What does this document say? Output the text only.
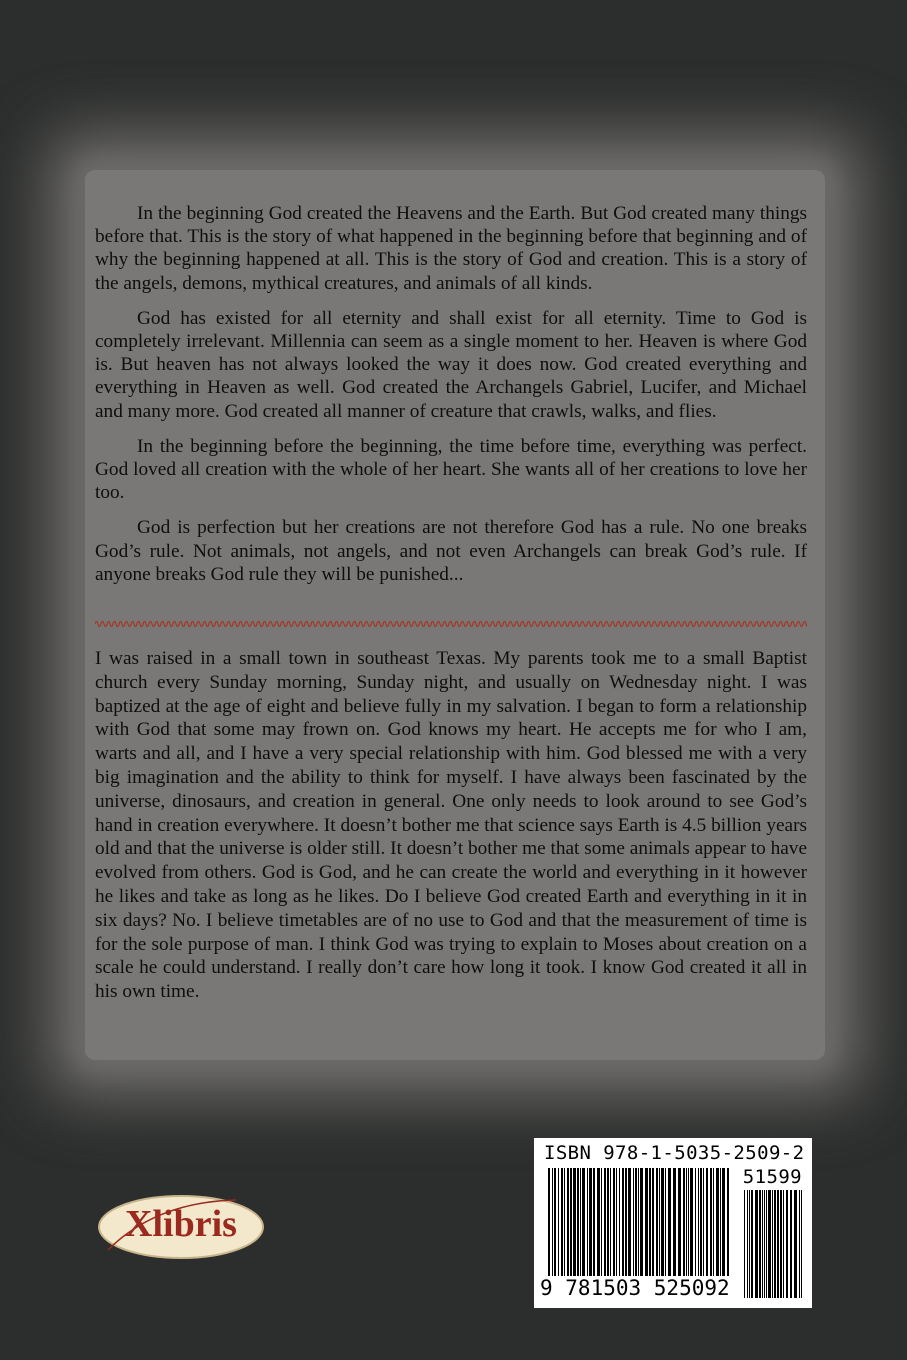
In the beginning God created the Heavens and the Earth. But God created many things before that. This is the story of what happened in the beginning before that beginning and of why the beginning happened at all. This is the story of God and creation. This is a story of the angels, demons, mythical creatures, and animals of all kinds.

God has existed for all eternity and shall exist for all eternity. Time to God is completely irrelevant. Millennia can seem as a single moment to her. Heaven is where God is. But heaven has not always looked the way it does now. God created everything and everything in Heaven as well. God created the Archangels Gabriel, Lucifer, and Michael and many more. God created all manner of creature that crawls, walks, and flies.

In the beginning before the beginning, the time before time, everything was perfect. God loved all creation with the whole of her heart. She wants all of her creations to love her too.

God is perfection but her creations are not therefore God has a rule. No one breaks God’s rule. Not animals, not angels, and not even Archangels can break God’s rule. If anyone breaks God rule they will be punished...

I was raised in a small town in southeast Texas. My parents took me to a small Baptist church every Sunday morning, Sunday night, and usually on Wednesday night. I was baptized at the age of eight and believe fully in my salvation. I began to form a relationship with God that some may frown on. God knows my heart. He accepts me for who I am, warts and all, and I have a very special relationship with him. God blessed me with a very big imagination and the ability to think for myself. I have always been fascinated by the universe, dinosaurs, and creation in general. One only needs to look around to see God’s hand in creation everywhere. It doesn’t bother me that science says Earth is 4.5 billion years old and that the universe is older still. It doesn’t bother me that some animals appear to have evolved from others. God is God, and he can create the world and everything in it however he likes and take as long as he likes. Do I believe God created Earth and everything in it in six days? No. I believe timetables are of no use to God and that the measurement of time is for the sole purpose of man. I think God was trying to explain to Moses about creation on a scale he could understand. I really don’t care how long it took. I know God created it all in his own time.

Xlibris
ISBN 978-1-5035-2509-2
51599
9 781503 525092
